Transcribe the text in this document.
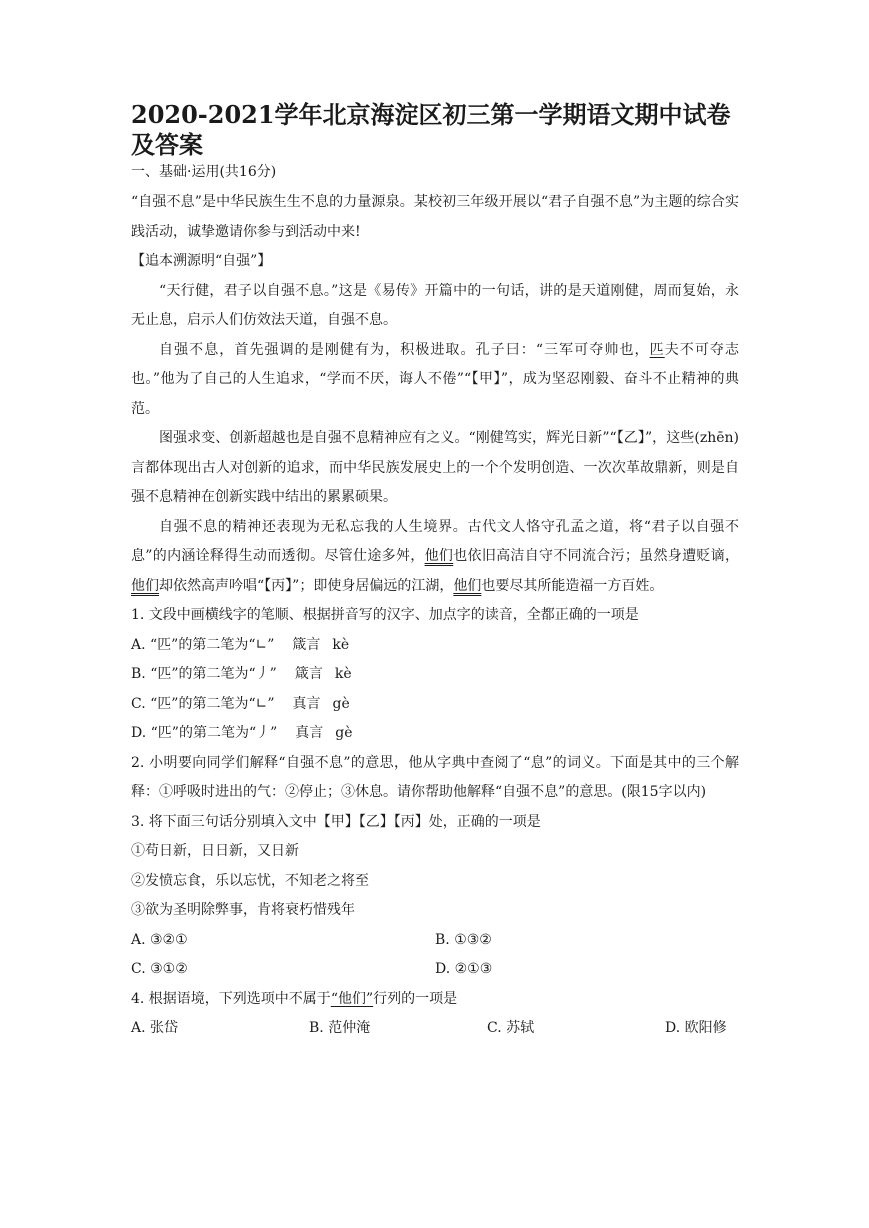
2020-2021学年北京海淀区初三第一学期语文期中试卷及答案
一、基础·运用(共16分)

“自强不息”是中华民族生生不息的力量源泉。某校初三年级开展以“君子自强不息”为主题的综合实践活动，诚挚邀请你参与到活动中来!

【追本溯源明“自强”】

“天行健，君子以自强不息。”这是《易传》开篇中的一句话，讲的是天道刚健，周而复始，永无止息，启示人们仿效法天道，自强不息。

自强不息，首先强调的是刚健有为，积极进取。孔子曰：“三军可夺帅也，匹夫不可夺志也。”他为了自己的人生追求，“学而不厌，诲人不倦”“【甲】”，成为坚忍刚毅、奋斗不止精神的典范。

图强求变、创新超越也是自强不息精神应有之义。“刚健笃实，辉光日新”“【乙】”，这些(zhēn)言都体现出古人对创新的追求，而中华民族发展史上的一个个发明创造、一次次革故鼎新，则是自强不息精神在创新实践中结出的累累硕果。

自强不息的精神还表现为无私忘我的人生境界。古代文人恪守孔孟之道，将“君子以自强不息”的内涵诠释得生动而透彻。尽管仕途多舛，他们也依旧高洁自守不同流合污；虽然身遭贬谪，他们却依然高声吟唱“【丙】”；即使身居偏远的江湖，他们也要尽其所能造福一方百姓。

1. 文段中画横线字的笔顺、根据拼音写的汉字、加点字的读音，全都正确的一项是
A. “匹”的第二笔为“∟” 箴言 kè
B. “匹”的第二笔为“丿” 箴言 kè
C. “匹”的第二笔为“∟” 真言 gè
D. “匹”的第二笔为“丿” 真言 gè

2. 小明要向同学们解释“自强不息”的意思，他从字典中查阅了“息”的词义。下面是其中的三个解释：①呼吸时进出的气：②停止；③休息。请你帮助他解释“自强不息”的意思。(限15字以内)

3. 将下面三句话分别填入文中【甲】【乙】【丙】处，正确的一项是
①苟日新，日日新，又日新
②发愤忘食，乐以忘忧，不知老之将至
③欲为圣明除弊事，肯将衰朽惜残年
A. ③②①	B. ①③②
C. ③①②	D. ②①③
4. 根据语境，下列选项中不属于“他们”行列的一项是
A. 张岱	B. 范仲淹	C. 苏轼	D. 欧阳修
